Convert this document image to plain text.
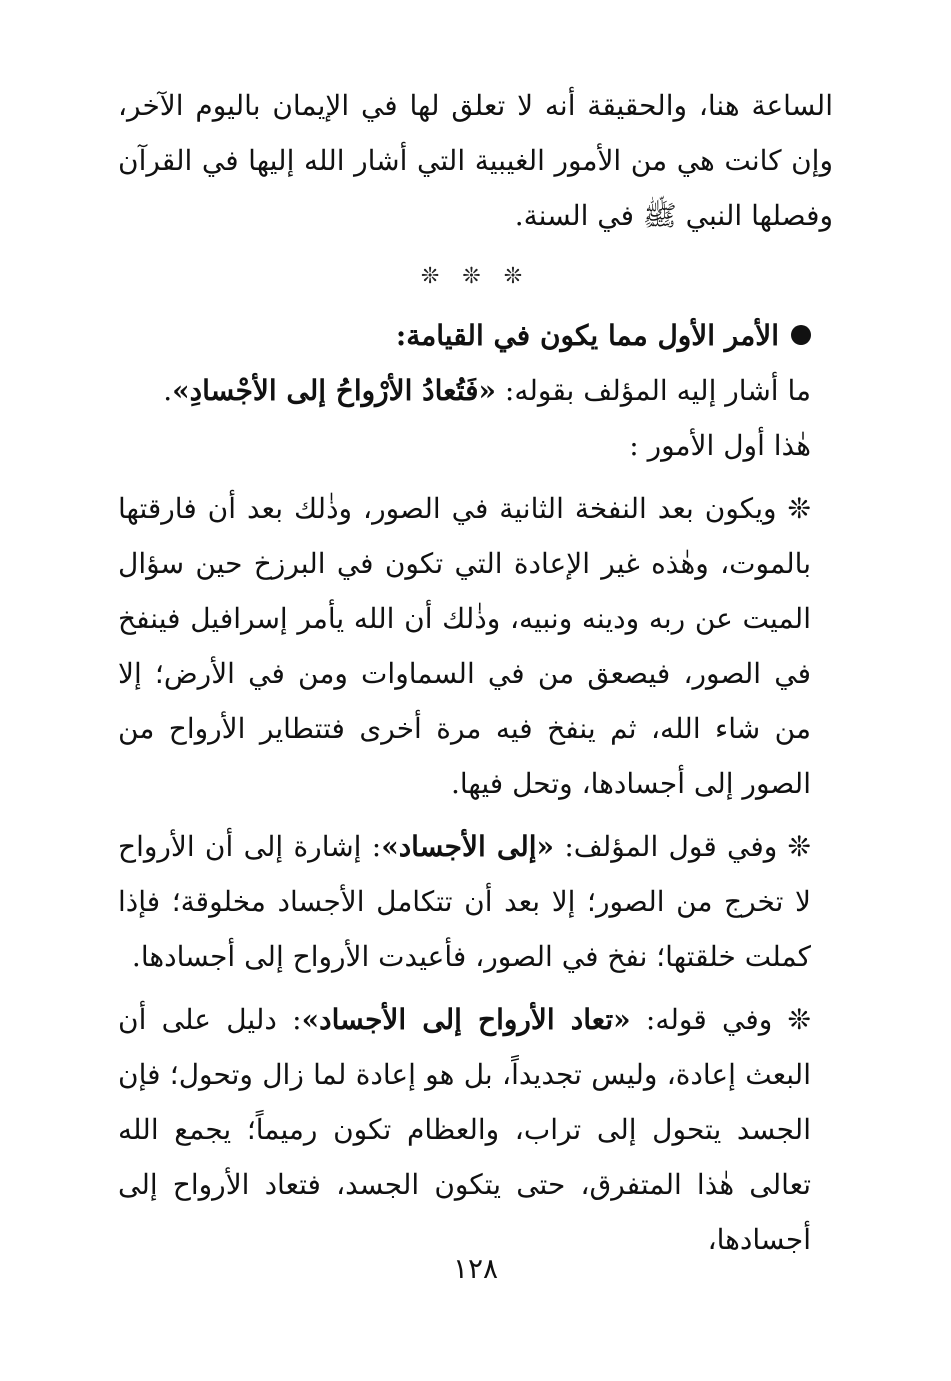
الساعة هنا، والحقيقة أنه لا تعلق لها في الإيمان باليوم الآخر، وإن كانت هي من الأمور الغيبية التي أشار الله إليها في القرآن وفصلها النبي ﷺ في السنة.

❊ ❊ ❊

الأمر الأول مما يكون في القيامة:

ما أشار إليه المؤلف بقوله: «فَتُعادُ الأرْواحُ إلى الأجْسادِ».

هٰذا أول الأمور :

❊ ويكون بعد النفخة الثانية في الصور، وذٰلك بعد أن فارقتها بالموت، وهٰذه غير الإعادة التي تكون في البرزخ حين سؤال الميت عن ربه ودينه ونبيه، وذٰلك أن الله يأمر إسرافيل فينفخ في الصور، فيصعق من في السماوات ومن في الأرض؛ إلا من شاء الله، ثم ينفخ فيه مرة أخرى فتتطاير الأرواح من الصور إلى أجسادها، وتحل فيها.

❊ وفي قول المؤلف: «إلى الأجساد»: إشارة إلى أن الأرواح لا تخرج من الصور؛ إلا بعد أن تتكامل الأجساد مخلوقة؛ فإذا كملت خلقتها؛ نفخ في الصور، فأعيدت الأرواح إلى أجسادها.

❊ وفي قوله: «تعاد الأرواح إلى الأجساد»: دليل على أن البعث إعادة، وليس تجديداً، بل هو إعادة لما زال وتحول؛ فإن الجسد يتحول إلى تراب، والعظام تكون رميماً؛ يجمع الله تعالى هٰذا المتفرق، حتى يتكون الجسد، فتعاد الأرواح إلى أجسادها،

١٢٨
